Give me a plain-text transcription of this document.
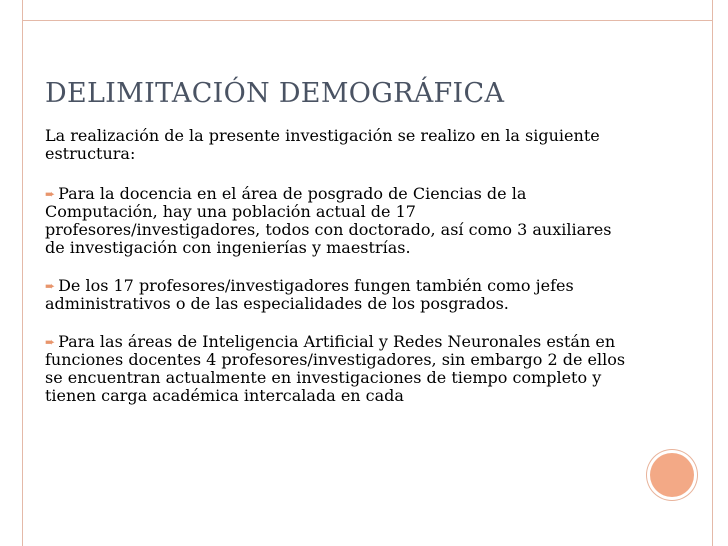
DELIMITACIÓN DEMOGRÁFICA

La realización de la presente investigación se realizo en la siguiente estructura:

➨ Para la docencia en el área de posgrado de Ciencias de la Computación, hay una población actual de 17 profesores/investigadores, todos con doctorado, así como 3 auxiliares de investigación con ingenierías y maestrías.

➨ De los 17 profesores/investigadores fungen también como jefes administrativos o de las especialidades de los posgrados.

➨ Para las áreas de Inteligencia Artificial y Redes Neuronales están en funciones docentes 4 profesores/investigadores, sin embargo 2 de ellos se encuentran actualmente en investigaciones de tiempo completo y tienen carga académica intercalada en cada
